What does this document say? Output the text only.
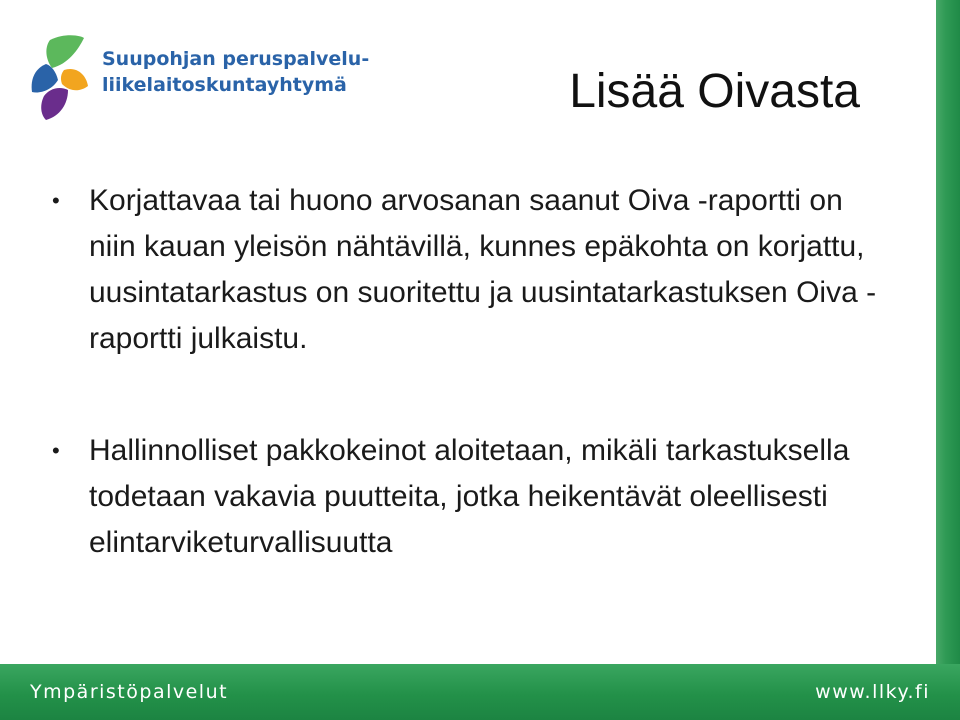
Suupohjan peruspalvelu-
liikelaitoskuntayhtymä	Lisää Oivasta
• Korjattavaa tai huono arvosanan saanut Oiva -raportti on niin kauan yleisön nähtävillä, kunnes epäkohta on korjattu, uusintatarkastus on suoritettu ja uusintatarkastuksen Oiva -raportti julkaistu.
• Hallinnolliset pakkokeinot aloitetaan, mikäli tarkastuksella todetaan vakavia puutteita, jotka heikentävät oleellisesti elintarviketurvallisuutta
Ympäristöpalvelut	www.llky.fi
